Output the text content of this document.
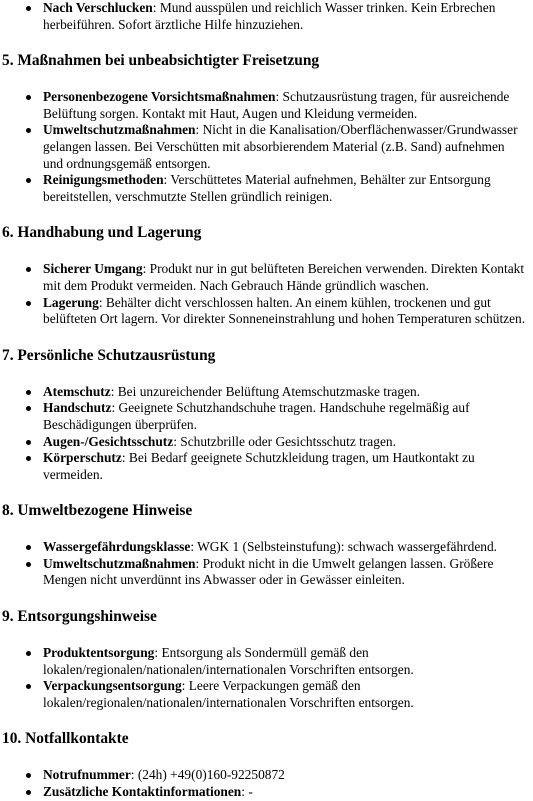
Nach Verschlucken: Mund ausspülen und reichlich Wasser trinken. Kein Erbrechen herbeiführen. Sofort ärztliche Hilfe hinzuziehen.
5. Maßnahmen bei unbeabsichtigter Freisetzung
Personenbezogene Vorsichtsmaßnahmen: Schutzausrüstung tragen, für ausreichende Belüftung sorgen. Kontakt mit Haut, Augen und Kleidung vermeiden.
Umweltschutzmaßnahmen: Nicht in die Kanalisation/Oberflächenwasser/Grundwasser gelangen lassen. Bei Verschütten mit absorbierendem Material (z.B. Sand) aufnehmen und ordnungsgemäß entsorgen.
Reinigungsmethoden: Verschüttetes Material aufnehmen, Behälter zur Entsorgung bereitstellen, verschmutzte Stellen gründlich reinigen.
6. Handhabung und Lagerung
Sicherer Umgang: Produkt nur in gut belüfteten Bereichen verwenden. Direkten Kontakt mit dem Produkt vermeiden. Nach Gebrauch Hände gründlich waschen.
Lagerung: Behälter dicht verschlossen halten. An einem kühlen, trockenen und gut belüfteten Ort lagern. Vor direkter Sonneneinstrahlung und hohen Temperaturen schützen.
7. Persönliche Schutzausrüstung
Atemschutz: Bei unzureichender Belüftung Atemschutzmaske tragen.
Handschutz: Geeignete Schutzhandschuhe tragen. Handschuhe regelmäßig auf Beschädigungen überprüfen.
Augen-/Gesichtsschutz: Schutzbrille oder Gesichtsschutz tragen.
Körperschutz: Bei Bedarf geeignete Schutzkleidung tragen, um Hautkontakt zu vermeiden.
8. Umweltbezogene Hinweise
Wassergefährdungsklasse: WGK 1 (Selbsteinstufung): schwach wassergefährdend.
Umweltschutzmaßnahmen: Produkt nicht in die Umwelt gelangen lassen. Größere Mengen nicht unverdünnt ins Abwasser oder in Gewässer einleiten.
9. Entsorgungshinweise
Produktentsorgung: Entsorgung als Sondermüll gemäß den lokalen/regionalen/nationalen/internationalen Vorschriften entsorgen.
Verpackungsentsorgung: Leere Verpackungen gemäß den lokalen/regionalen/nationalen/internationalen Vorschriften entsorgen.
10. Notfallkontakte
Notrufnummer: (24h) +49(0)160-92250872
Zusätzliche Kontaktinformationen: -
